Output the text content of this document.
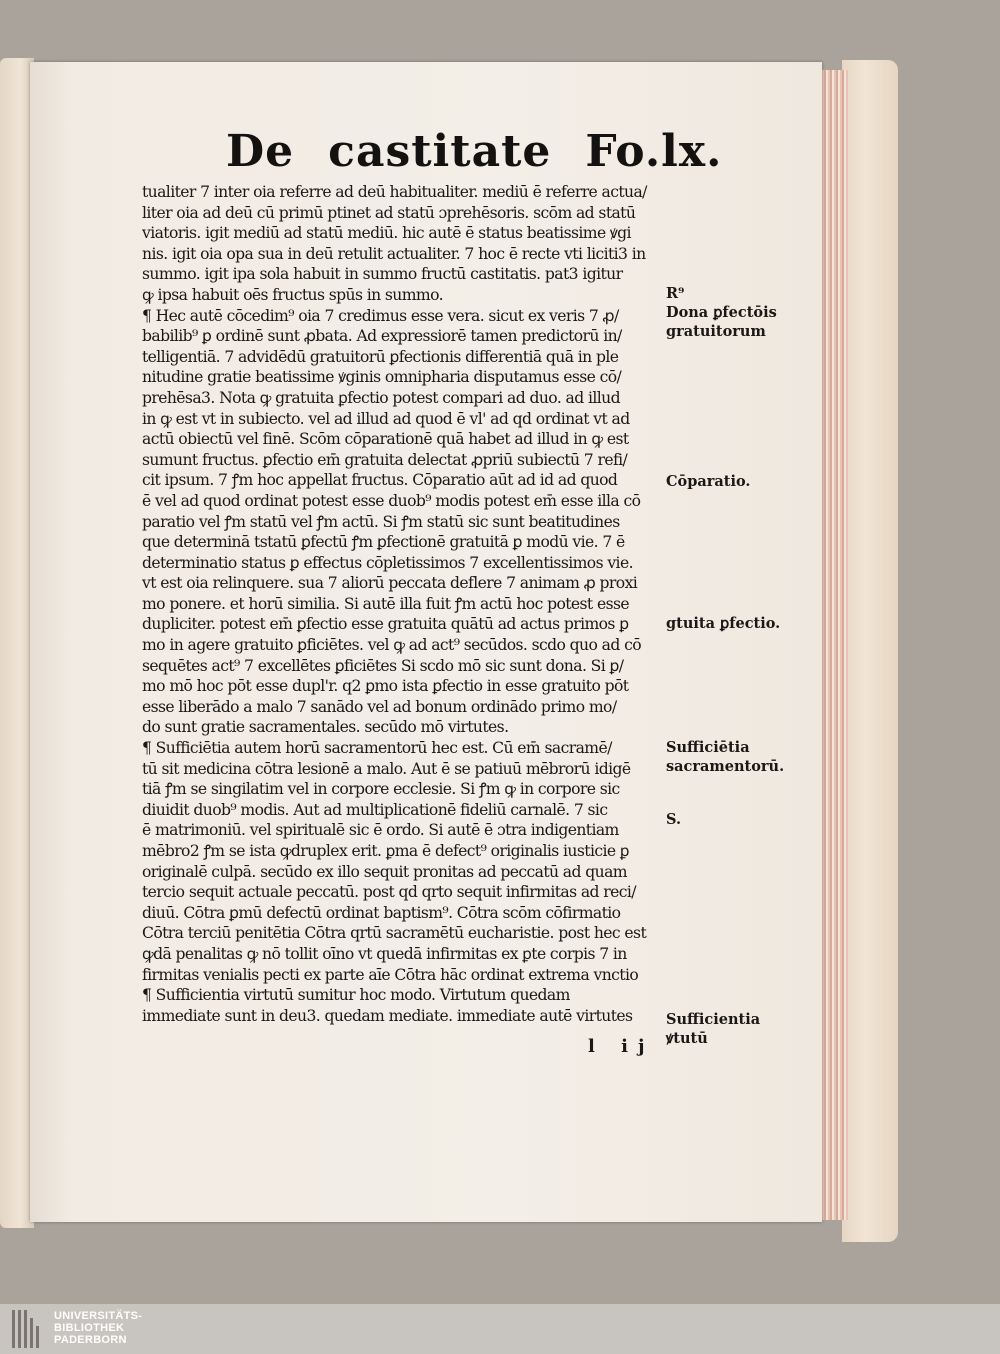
De castitate Fo.lx.
tualiter 7 inter oia referre ad deū habitualiter. mediū ē referre actua/
liter oia ad deū cū primū ptinet ad statū ɔprehēsoris. scōm ad statū
viatoris. igit mediū ad statū mediū. hic autē ē status beatissime ꝟgi
nis. igit oia opa sua in deū retulit actualiter. 7 hoc ē recte vti liciti3 in
summo. igit ipa sola habuit in summo fructū castitatis. pat3 igitur
ꝙ ipsa habuit oēs fructus spūs in summo.
¶ Hec autē cōcedim⁹ oia 7 credimus esse vera. sicut ex veris 7 ꝓ/
babilib⁹ ꝑ ordinē sunt ꝓbata. Ad expressiorē tamen predictorū in/
telligentiā. 7 advidēdū gratuitorū ꝑfectionis differentiā quā in ple
nitudine gratie beatissime ꝟginis omnipharia disputamus esse cō/
prehēsa3. Nota ꝙ gratuita ꝑfectio potest compari ad duo. ad illud
in ꝙ est vt in subiecto. vel ad illud ad quod ē vl' ad qd ordinat vt ad
actū obiectū vel finē. Scōm cōparationē quā habet ad illud in ꝙ est
sumunt fructus. ꝑfectio em̄ gratuita delectat ꝓpriū subiectū 7 refi/
cit ipsum. 7 ꝭm hoc appellat fructus. Cōparatio aūt ad id ad quod
ē vel ad quod ordinat potest esse duob⁹ modis potest em̄ esse illa cō
paratio vel ꝭm statū vel ꝭm actū. Si ꝭm statū sic sunt beatitudines
que determinā tstatū ꝑfectū ꝭm ꝑfectionē gratuitā ꝑ modū vie. 7 ē
determinatio status ꝑ effectus cōpletissimos 7 excellentissimos vie.
vt est oia relinquere. sua 7 aliorū peccata deflere 7 animam ꝓ proxi
mo ponere. et horū similia. Si autē illa fuit ꝭm actū hoc potest esse
dupliciter. potest em̄ ꝑfectio esse gratuita quātū ad actus primos ꝑ
mo in agere gratuito ꝑficiētes. vel ꝙ ad act⁹ secūdos. scdo quo ad cō
sequētes act⁹ 7 excellētes ꝑficiētes Si scdo mō sic sunt dona. Si ꝑ/
mo mō hoc pōt esse dupl'r. q2 ꝑmo ista ꝑfectio in esse gratuito pōt
esse liberādo a malo 7 sanādo vel ad bonum ordinādo primo mo/
do sunt gratie sacramentales. secūdo mō virtutes.
¶ Sufficiētia autem horū sacramentorū hec est. Cū em̄ sacramē/
tū sit medicina cōtra lesionē a malo. Aut ē se patiuū mēbrorū idigē
tiā ꝭm se singilatim vel in corpore ecclesie. Si ꝭm ꝙ in corpore sic
diuidit duob⁹ modis. Aut ad multiplicationē fideliū carnalē. 7 sic
ē matrimoniū. vel spiritualē sic ē ordo. Si autē ē ɔtra indigentiam
mēbro2 ꝭm se ista ꝙdruplex erit. ꝑma ē defect⁹ originalis iusticie ꝑ
originalē culpā. secūdo ex illo sequit pronitas ad peccatū ad quam
tercio sequit actuale peccatū. post qd qrto sequit infirmitas ad reci/
diuū. Cōtra ꝑmū defectū ordinat baptism⁹. Cōtra scōm cōfirmatio
Cōtra terciū penitētia Cōtra qrtū sacramētū eucharistie. post hec est
ꝙdā penalitas ꝙ nō tollit oīno vt quedā infirmitas ex ꝑte corpis 7 in
firmitas venialis pecti ex parte aīe Cōtra hāc ordinat extrema vnctio
¶ Sufficientia virtutū sumitur hoc modo. Virtutum quedam
immediate sunt in deu3. quedam mediate. immediate autē virtutes
R⁹
Dona ꝑfectōis
gratuitorum
Cōparatio.
gtuita ꝑfectio.
Sufficiētia
sacramentorū.
S.
Sufficientia
ꝟtutū
l ij
UNIVERSITÄTS-
BIBLIOTHEK
PADERBORN
